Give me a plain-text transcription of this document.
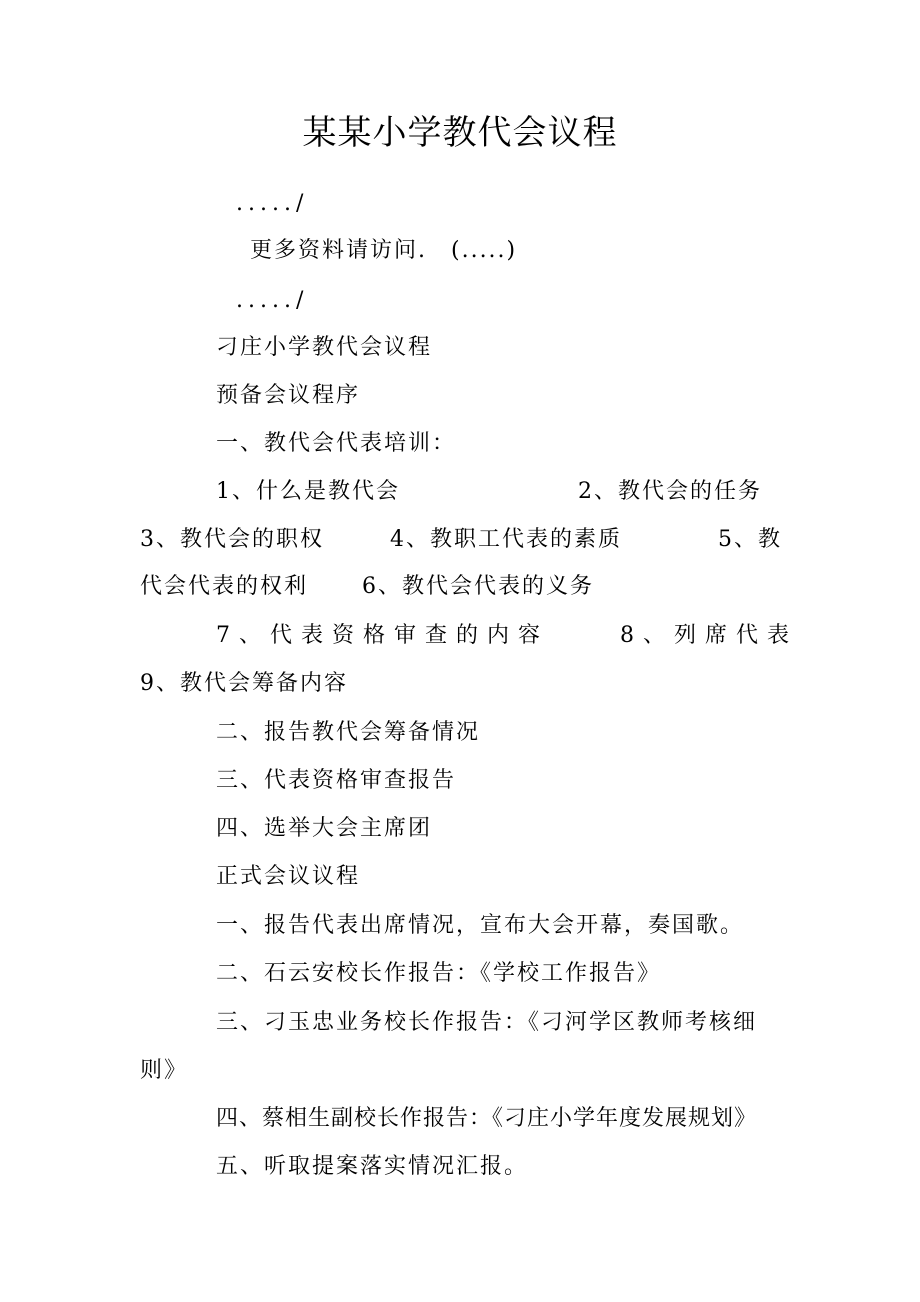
某某小学教代会议程

...../

更多资料请访问.　(.....)

...../

刁庄小学教代会议程

预备会议程序

一、教代会代表培训：

1、什么是教代会	2、教代会的任务

3、教代会的职权	4、教职工代表的素质	5、教

代会代表的权利 6、教代会代表的义务

7、代表资格审查的内容	8、列席代表

9、教代会筹备内容

二、报告教代会筹备情况

三、代表资格审查报告

四、选举大会主席团

正式会议议程

一、报告代表出席情况，宣布大会开幕，奏国歌。

二、石云安校长作报告：《学校工作报告》

三、刁玉忠业务校长作报告：《刁河学区教师考核细

则》

四、蔡相生副校长作报告：《刁庄小学年度发展规划》

五、听取提案落实情况汇报。
